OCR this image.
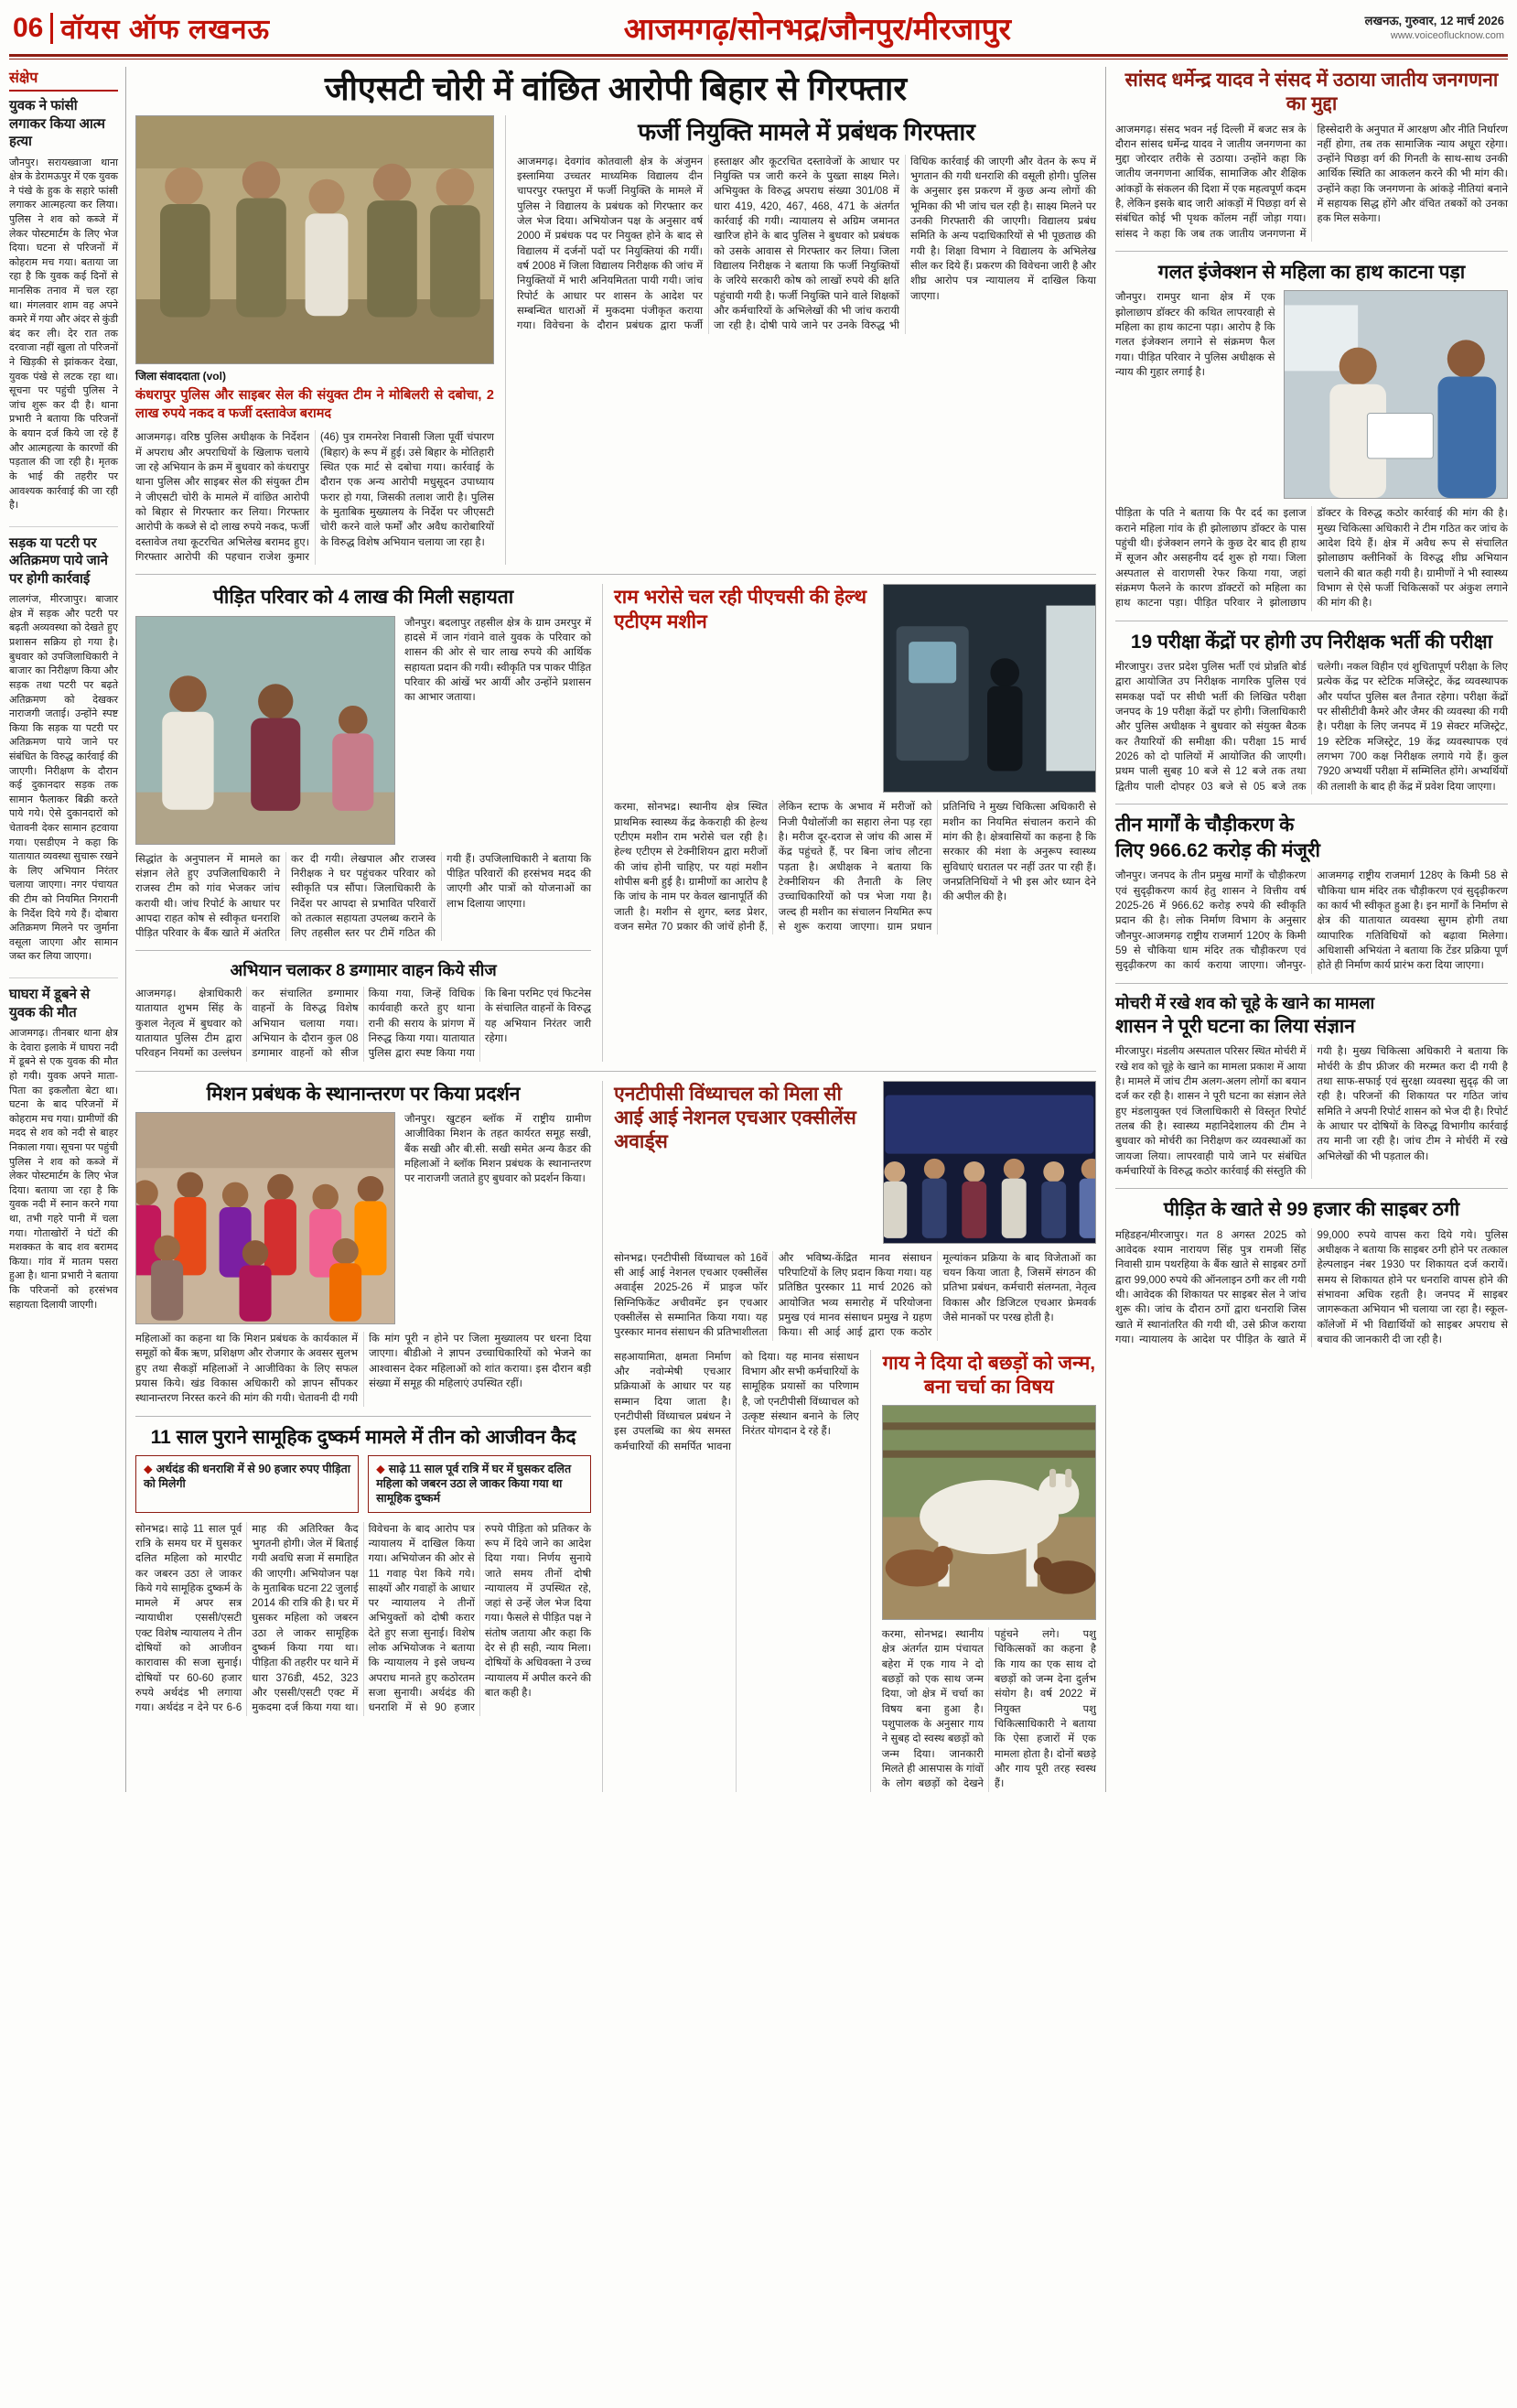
06 वॉयस ऑफ लखनऊ	आजमगढ़/सोनभद्र/जौनपुर/मीरजापुर	लखनऊ, गुरुवार, 12 मार्च 2026
www.voiceoflucknow.com
संक्षेप
युवक ने फांसी लगाकर किया आत्म हत्या
जौनपुर। सरायख्वाजा थाना क्षेत्र के डेरामऊपुर में एक युवक ने पंखे के हुक के सहारे फांसी लगाकर आत्महत्या कर लिया। पुलिस ने शव को कब्जे में लेकर पोस्टमार्टम के लिए भेज दिया। घटना से परिजनों में कोहराम मच गया। बताया जा रहा है कि युवक कई दिनों से मानसिक तनाव में चल रहा था। मंगलवार शाम वह अपने कमरे में गया और अंदर से कुंडी बंद कर ली। देर रात तक दरवाजा नहीं खुला तो परिजनों ने खिड़की से झांककर देखा, युवक पंखे से लटक रहा था। सूचना पर पहुंची पुलिस ने जांच शुरू कर दी है। थाना प्रभारी ने बताया कि परिजनों के बयान दर्ज किये जा रहे हैं और आत्महत्या के कारणों की पड़ताल की जा रही है। मृतक के भाई की तहरीर पर आवश्यक कार्रवाई की जा रही है।
सड़क या पटरी पर अतिक्रमण पाये जाने पर होगी कार्रवाई
लालगंज, मीरजापुर। बाजार क्षेत्र में सड़क और पटरी पर बढ़ती अव्यवस्था को देखते हुए प्रशासन सक्रिय हो गया है। बुधवार को उपजिलाधिकारी ने बाजार का निरीक्षण किया और सड़क तथा पटरी पर बढ़ते अतिक्रमण को देखकर नाराजगी जताई। उन्होंने स्पष्ट किया कि सड़क या पटरी पर अतिक्रमण पाये जाने पर संबंधित के विरुद्ध कार्रवाई की जाएगी। निरीक्षण के दौरान कई दुकानदार सड़क तक सामान फैलाकर बिक्री करते पाये गये। ऐसे दुकानदारों को चेतावनी देकर सामान हटवाया गया। एसडीएम ने कहा कि यातायात व्यवस्था सुचारू रखने के लिए अभियान निरंतर चलाया जाएगा। नगर पंचायत की टीम को नियमित निगरानी के निर्देश दिये गये हैं। दोबारा अतिक्रमण मिलने पर जुर्माना वसूला जाएगा और सामान जब्त कर लिया जाएगा।
घाघरा में डूबने से युवक की मौत
आजमगढ़। तीनबार थाना क्षेत्र के देवारा इलाके में घाघरा नदी में डूबने से एक युवक की मौत हो गयी। युवक अपने माता-पिता का इकलौता बेटा था। घटना के बाद परिजनों में कोहराम मच गया। ग्रामीणों की मदद से शव को नदी से बाहर निकाला गया। सूचना पर पहुंची पुलिस ने शव को कब्जे में लेकर पोस्टमार्टम के लिए भेज दिया। बताया जा रहा है कि युवक नदी में स्नान करने गया था, तभी गहरे पानी में चला गया। गोताखोरों ने घंटों की मशक्कत के बाद शव बरामद किया। गांव में मातम पसरा हुआ है। थाना प्रभारी ने बताया कि परिजनों को हरसंभव सहायता दिलायी जाएगी।
जीएसटी चोरी में वांछित आरोपी बिहार से गिरफ्तार
जिला संवाददाता (vol)
कंधरापुर पुलिस और साइबर सेल की संयुक्त टीम ने मोबिलरी से दबोचा, 2 लाख रुपये नकद व फर्जी दस्तावेज बरामद
आजमगढ़। वरिष्ठ पुलिस अधीक्षक के निर्देशन में अपराध और अपराधियों के खिलाफ चलाये जा रहे अभियान के क्रम में बुधवार को कंधरापुर थाना पुलिस और साइबर सेल की संयुक्त टीम ने जीएसटी चोरी के मामले में वांछित आरोपी को बिहार से गिरफ्तार कर लिया। गिरफ्तार आरोपी के कब्जे से दो लाख रुपये नकद, फर्जी दस्तावेज तथा कूटरचित अभिलेख बरामद हुए। गिरफ्तार आरोपी की पहचान राजेश कुमार (46) पुत्र रामनरेश निवासी जिला पूर्वी चंपारण (बिहार) के रूप में हुई। उसे बिहार के मोतिहारी स्थित एक मार्ट से दबोचा गया। कार्रवाई के दौरान एक अन्य आरोपी मधुसूदन उपाध्याय फरार हो गया, जिसकी तलाश जारी है। पुलिस के मुताबिक मुख्यालय के निर्देश पर जीएसटी चोरी करने वाले फर्मों और अवैध कारोबारियों के विरुद्ध विशेष अभियान चलाया जा रहा है।
फर्जी नियुक्ति मामले में प्रबंधक गिरफ्तार
आजमगढ़। देवगांव कोतवाली क्षेत्र के अंजुमन इस्लामिया उच्चतर माध्यमिक विद्यालय दीन चापरपुर रफ्तपुरा में फर्जी नियुक्ति के मामले में पुलिस ने विद्यालय के प्रबंधक को गिरफ्तार कर जेल भेज दिया। अभियोजन पक्ष के अनुसार वर्ष 2000 में प्रबंधक पद पर नियुक्त होने के बाद से विद्यालय में दर्जनों पदों पर नियुक्तियां की गयीं। वर्ष 2008 में जिला विद्यालय निरीक्षक की जांच में नियुक्तियों में भारी अनियमितता पायी गयी। जांच रिपोर्ट के आधार पर शासन के आदेश पर सम्बन्धित धाराओं में मुकदमा पंजीकृत कराया गया। विवेचना के दौरान प्रबंधक द्वारा फर्जी हस्ताक्षर और कूटरचित दस्तावेजों के आधार पर नियुक्ति पत्र जारी करने के पुख्ता साक्ष्य मिले। अभियुक्त के विरुद्ध अपराध संख्या 301/08 में धारा 419, 420, 467, 468, 471 के अंतर्गत कार्रवाई की गयी। न्यायालय से अग्रिम जमानत खारिज होने के बाद पुलिस ने बुधवार को प्रबंधक को उसके आवास से गिरफ्तार कर लिया। जिला विद्यालय निरीक्षक ने बताया कि फर्जी नियुक्तियों के जरिये सरकारी कोष को लाखों रुपये की क्षति पहुंचायी गयी है। फर्जी नियुक्ति पाने वाले शिक्षकों और कर्मचारियों के अभिलेखों की भी जांच करायी जा रही है। दोषी पाये जाने पर उनके विरुद्ध भी विधिक कार्रवाई की जाएगी और वेतन के रूप में भुगतान की गयी धनराशि की वसूली होगी। पुलिस के अनुसार इस प्रकरण में कुछ अन्य लोगों की भूमिका की भी जांच चल रही है। साक्ष्य मिलने पर उनकी गिरफ्तारी की जाएगी। विद्यालय प्रबंध समिति के अन्य पदाधिकारियों से भी पूछताछ की गयी है। शिक्षा विभाग ने विद्यालय के अभिलेख सील कर दिये हैं। प्रकरण की विवेचना जारी है और शीघ्र आरोप पत्र न्यायालय में दाखिल किया जाएगा।
पीड़ित परिवार को 4 लाख की मिली सहायता
जौनपुर। बदलापुर तहसील क्षेत्र के ग्राम उमरपुर में हादसे में जान गंवाने वाले युवक के परिवार को शासन की ओर से चार लाख रुपये की आर्थिक सहायता प्रदान की गयी। स्वीकृति पत्र पाकर पीड़ित परिवार की आंखें भर आयीं और उन्होंने प्रशासन का आभार जताया।
सिद्धांत के अनुपालन में मामले का संज्ञान लेते हुए उपजिलाधिकारी ने राजस्व टीम को गांव भेजकर जांच करायी थी। जांच रिपोर्ट के आधार पर आपदा राहत कोष से स्वीकृत धनराशि पीड़ित परिवार के बैंक खाते में अंतरित कर दी गयी। लेखपाल और राजस्व निरीक्षक ने घर पहुंचकर परिवार को स्वीकृति पत्र सौंपा। जिलाधिकारी के निर्देश पर आपदा से प्रभावित परिवारों को तत्काल सहायता उपलब्ध कराने के लिए तहसील स्तर पर टीमें गठित की गयी हैं। उपजिलाधिकारी ने बताया कि पीड़ित परिवारों की हरसंभव मदद की जाएगी और पात्रों को योजनाओं का लाभ दिलाया जाएगा।
अभियान चलाकर 8 डग्गामार वाहन किये सीज
आजमगढ़। क्षेत्राधिकारी यातायात शुभम सिंह के कुशल नेतृत्व में बुधवार को यातायात पुलिस टीम द्वारा परिवहन नियमों का उल्लंघन कर संचालित डग्गामार वाहनों के विरुद्ध विशेष अभियान चलाया गया। अभियान के दौरान कुल 08 डग्गामार वाहनों को सीज किया गया, जिन्हें विधिक कार्यवाही करते हुए थाना रानी की सराय के प्रांगण में निरुद्ध किया गया। यातायात पुलिस द्वारा स्पष्ट किया गया कि बिना परमिट एवं फिटनेस के संचालित वाहनों के विरुद्ध यह अभियान निरंतर जारी रहेगा।
राम भरोसे चल रही पीएचसी की हेल्थ एटीएम मशीन
करमा, सोनभद्र। स्थानीय क्षेत्र स्थित प्राथमिक स्वास्थ्य केंद्र केकराही की हेल्थ एटीएम मशीन राम भरोसे चल रही है। हेल्थ एटीएम से टेक्नीशियन द्वारा मरीजों की जांच होनी चाहिए, पर यहां मशीन शोपीस बनी हुई है। ग्रामीणों का आरोप है कि जांच के नाम पर केवल खानापूर्ति की जाती है। मशीन से शुगर, ब्लड प्रेशर, वजन समेत 70 प्रकार की जांचें होनी हैं, लेकिन स्टाफ के अभाव में मरीजों को निजी पैथोलॉजी का सहारा लेना पड़ रहा है। मरीज दूर-दराज से जांच की आस में केंद्र पहुंचते हैं, पर बिना जांच लौटना पड़ता है। अधीक्षक ने बताया कि टेक्नीशियन की तैनाती के लिए उच्चाधिकारियों को पत्र भेजा गया है। जल्द ही मशीन का संचालन नियमित रूप से शुरू कराया जाएगा। ग्राम प्रधान प्रतिनिधि ने मुख्य चिकित्सा अधिकारी से मशीन का नियमित संचालन कराने की मांग की है। क्षेत्रवासियों का कहना है कि सरकार की मंशा के अनुरूप स्वास्थ्य सुविधाएं धरातल पर नहीं उतर पा रही हैं। जनप्रतिनिधियों ने भी इस ओर ध्यान देने की अपील की है।
मिशन प्रबंधक के स्थानान्तरण पर किया प्रदर्शन
जौनपुर। खुटहन ब्लॉक में राष्ट्रीय ग्रामीण आजीविका मिशन के तहत कार्यरत समूह सखी, बैंक सखी और बी.सी. सखी समेत अन्य कैडर की महिलाओं ने ब्लॉक मिशन प्रबंधक के स्थानान्तरण पर नाराजगी जताते हुए बुधवार को प्रदर्शन किया।
महिलाओं का कहना था कि मिशन प्रबंधक के कार्यकाल में समूहों को बैंक ऋण, प्रशिक्षण और रोजगार के अवसर सुलभ हुए तथा सैकड़ों महिलाओं ने आजीविका के लिए सफल प्रयास किये। खंड विकास अधिकारी को ज्ञापन सौंपकर स्थानान्तरण निरस्त करने की मांग की गयी। चेतावनी दी गयी कि मांग पूरी न होने पर जिला मुख्यालय पर धरना दिया जाएगा। बीडीओ ने ज्ञापन उच्चाधिकारियों को भेजने का आश्वासन देकर महिलाओं को शांत कराया। इस दौरान बड़ी संख्या में समूह की महिलाएं उपस्थित रहीं।
11 साल पुराने सामूहिक दुष्कर्म मामले में तीन को आजीवन कैद
◆ अर्थदंड की धनराशि में से 90 हजार रुपए पीड़िता को मिलेगी
◆ साढ़े 11 साल पूर्व रात्रि में घर में घुसकर दलित महिला को जबरन उठा ले जाकर किया गया था सामूहिक दुष्कर्म
सोनभद्र। साढ़े 11 साल पूर्व रात्रि के समय घर में घुसकर दलित महिला को मारपीट कर जबरन उठा ले जाकर किये गये सामूहिक दुष्कर्म के मामले में अपर सत्र न्यायाधीश एससी/एसटी एक्ट विशेष न्यायालय ने तीन दोषियों को आजीवन कारावास की सजा सुनाई। दोषियों पर 60-60 हजार रुपये अर्थदंड भी लगाया गया। अर्थदंड न देने पर 6-6 माह की अतिरिक्त कैद भुगतनी होगी। जेल में बिताई गयी अवधि सजा में समाहित की जाएगी। अभियोजन पक्ष के मुताबिक घटना 22 जुलाई 2014 की रात्रि की है। घर में घुसकर महिला को जबरन उठा ले जाकर सामूहिक दुष्कर्म किया गया था। पीड़िता की तहरीर पर थाने में धारा 376डी, 452, 323 और एससी/एसटी एक्ट में मुकदमा दर्ज किया गया था। विवेचना के बाद आरोप पत्र न्यायालय में दाखिल किया गया। अभियोजन की ओर से 11 गवाह पेश किये गये। साक्ष्यों और गवाहों के आधार पर न्यायालय ने तीनों अभियुक्तों को दोषी करार देते हुए सजा सुनाई। विशेष लोक अभियोजक ने बताया कि न्यायालय ने इसे जघन्य अपराध मानते हुए कठोरतम सजा सुनायी। अर्थदंड की धनराशि में से 90 हजार रुपये पीड़िता को प्रतिकर के रूप में दिये जाने का आदेश दिया गया। निर्णय सुनाये जाते समय तीनों दोषी न्यायालय में उपस्थित रहे, जहां से उन्हें जेल भेज दिया गया। फैसले से पीड़ित पक्ष ने संतोष जताया और कहा कि देर से ही सही, न्याय मिला। दोषियों के अधिवक्ता ने उच्च न्यायालय में अपील करने की बात कही है।
एनटीपीसी विंध्याचल को मिला सी आई आई नेशनल एचआर एक्सीलेंस अवार्ड्स
सोनभद्र। एनटीपीसी विंध्याचल को 16वें सी आई आई नेशनल एचआर एक्सीलेंस अवार्ड्स 2025-26 में प्राइज फॉर सिग्निफिकेंट अचीवमेंट इन एचआर एक्सीलेंस से सम्मानित किया गया। यह पुरस्कार मानव संसाधन की प्रतिभाशीलता और भविष्य-केंद्रित मानव संसाधन परिपाटियों के लिए प्रदान किया गया। यह प्रतिष्ठित पुरस्कार 11 मार्च 2026 को आयोजित भव्य समारोह में परियोजना प्रमुख एवं मानव संसाधन प्रमुख ने ग्रहण किया। सी आई आई द्वारा एक कठोर मूल्यांकन प्रक्रिया के बाद विजेताओं का चयन किया जाता है, जिसमें संगठन की प्रतिभा प्रबंधन, कर्मचारी संलग्नता, नेतृत्व विकास और डिजिटल एचआर फ्रेमवर्क जैसे मानकों पर परख होती है।
सहआयामिता, क्षमता निर्माण और नवोन्मेषी एचआर प्रक्रियाओं के आधार पर यह सम्मान दिया जाता है। एनटीपीसी विंध्याचल प्रबंधन ने इस उपलब्धि का श्रेय समस्त कर्मचारियों की समर्पित भावना को दिया। यह मानव संसाधन विभाग और सभी कर्मचारियों के सामूहिक प्रयासों का परिणाम है, जो एनटीपीसी विंध्याचल को उत्कृष्ट संस्थान बनाने के लिए निरंतर योगदान दे रहे हैं।
गाय ने दिया दो बछड़ों को जन्म, बना चर्चा का विषय
करमा, सोनभद्र। स्थानीय क्षेत्र अंतर्गत ग्राम पंचायत बहेरा में एक गाय ने दो बछड़ों को एक साथ जन्म दिया, जो क्षेत्र में चर्चा का विषय बना हुआ है। पशुपालक के अनुसार गाय ने सुबह दो स्वस्थ बछड़ों को जन्म दिया। जानकारी मिलते ही आसपास के गांवों के लोग बछड़ों को देखने पहुंचने लगे। पशु चिकित्सकों का कहना है कि गाय का एक साथ दो बछड़ों को जन्म देना दुर्लभ संयोग है। वर्ष 2022 में नियुक्त पशु चिकित्साधिकारी ने बताया कि ऐसा हजारों में एक मामला होता है। दोनों बछड़े और गाय पूरी तरह स्वस्थ हैं।
सांसद धर्मेन्द्र यादव ने संसद में उठाया जातीय जनगणना का मुद्दा
आजमगढ़। संसद भवन नई दिल्ली में बजट सत्र के दौरान सांसद धर्मेन्द्र यादव ने जातीय जनगणना का मुद्दा जोरदार तरीके से उठाया। उन्होंने कहा कि जातीय जनगणना आर्थिक, सामाजिक और शैक्षिक आंकड़ों के संकलन की दिशा में एक महत्वपूर्ण कदम है, लेकिन इसके बाद जारी आंकड़ों में पिछड़ा वर्ग से संबंधित कोई भी पृथक कॉलम नहीं जोड़ा गया। सांसद ने कहा कि जब तक जातीय जनगणना में हिस्सेदारी के अनुपात में आरक्षण और नीति निर्धारण नहीं होगा, तब तक सामाजिक न्याय अधूरा रहेगा। उन्होंने पिछड़ा वर्ग की गिनती के साथ-साथ उनकी आर्थिक स्थिति का आकलन करने की भी मांग की। उन्होंने कहा कि जनगणना के आंकड़े नीतियां बनाने में सहायक सिद्ध होंगे और वंचित तबकों को उनका हक मिल सकेगा।
गलत इंजेक्शन से महिला का हाथ काटना पड़ा
जौनपुर। रामपुर थाना क्षेत्र में एक झोलाछाप डॉक्टर की कथित लापरवाही से महिला का हाथ काटना पड़ा। आरोप है कि गलत इंजेक्शन लगाने से संक्रमण फैल गया। पीड़ित परिवार ने पुलिस अधीक्षक से न्याय की गुहार लगाई है।
पीड़िता के पति ने बताया कि पैर दर्द का इलाज कराने महिला गांव के ही झोलाछाप डॉक्टर के पास पहुंची थी। इंजेक्शन लगने के कुछ देर बाद ही हाथ में सूजन और असहनीय दर्द शुरू हो गया। जिला अस्पताल से वाराणसी रेफर किया गया, जहां संक्रमण फैलने के कारण डॉक्टरों को महिला का हाथ काटना पड़ा। पीड़ित परिवार ने झोलाछाप डॉक्टर के विरुद्ध कठोर कार्रवाई की मांग की है। मुख्य चिकित्सा अधिकारी ने टीम गठित कर जांच के आदेश दिये हैं। क्षेत्र में अवैध रूप से संचालित झोलाछाप क्लीनिकों के विरुद्ध शीघ्र अभियान चलाने की बात कही गयी है। ग्रामीणों ने भी स्वास्थ्य विभाग से ऐसे फर्जी चिकित्सकों पर अंकुश लगाने की मांग की है।
19 परीक्षा केंद्रों पर होगी उप निरीक्षक भर्ती की परीक्षा
मीरजापुर। उत्तर प्रदेश पुलिस भर्ती एवं प्रोन्नति बोर्ड द्वारा आयोजित उप निरीक्षक नागरिक पुलिस एवं समकक्ष पदों पर सीधी भर्ती की लिखित परीक्षा जनपद के 19 परीक्षा केंद्रों पर होगी। जिलाधिकारी और पुलिस अधीक्षक ने बुधवार को संयुक्त बैठक कर तैयारियों की समीक्षा की। परीक्षा 15 मार्च 2026 को दो पालियों में आयोजित की जाएगी। प्रथम पाली सुबह 10 बजे से 12 बजे तक तथा द्वितीय पाली दोपहर 03 बजे से 05 बजे तक चलेगी। नकल विहीन एवं शुचितापूर्ण परीक्षा के लिए प्रत्येक केंद्र पर स्टेटिक मजिस्ट्रेट, केंद्र व्यवस्थापक और पर्याप्त पुलिस बल तैनात रहेगा। परीक्षा केंद्रों पर सीसीटीवी कैमरे और जैमर की व्यवस्था की गयी है। परीक्षा के लिए जनपद में 19 सेक्टर मजिस्ट्रेट, 19 स्टेटिक मजिस्ट्रेट, 19 केंद्र व्यवस्थापक एवं लगभग 700 कक्ष निरीक्षक लगाये गये हैं। कुल 7920 अभ्यर्थी परीक्षा में सम्मिलित होंगे। अभ्यर्थियों की तलाशी के बाद ही केंद्र में प्रवेश दिया जाएगा।
तीन मार्गों के चौड़ीकरण के
लिए 966.62 करोड़ की मंजूरी
जौनपुर। जनपद के तीन प्रमुख मार्गों के चौड़ीकरण एवं सुदृढ़ीकरण कार्य हेतु शासन ने वित्तीय वर्ष 2025-26 में 966.62 करोड़ रुपये की स्वीकृति प्रदान की है। लोक निर्माण विभाग के अनुसार जौनपुर-आजमगढ़ राष्ट्रीय राजमार्ग 120ए के किमी 59 से चौकिया धाम मंदिर तक चौड़ीकरण एवं सुदृढ़ीकरण का कार्य कराया जाएगा। जौनपुर-आजमगढ़ राष्ट्रीय राजमार्ग 128ए के किमी 58 से चौकिया धाम मंदिर तक चौड़ीकरण एवं सुदृढ़ीकरण का कार्य भी स्वीकृत हुआ है। इन मार्गों के निर्माण से क्षेत्र की यातायात व्यवस्था सुगम होगी तथा व्यापारिक गतिविधियों को बढ़ावा मिलेगा। अधिशासी अभियंता ने बताया कि टेंडर प्रक्रिया पूर्ण होते ही निर्माण कार्य प्रारंभ करा दिया जाएगा।
मोचरी में रखे शव को चूहे के खाने का मामला
शासन ने पूरी घटना का लिया संज्ञान
मीरजापुर। मंडलीय अस्पताल परिसर स्थित मोर्चरी में रखे शव को चूहे के खाने का मामला प्रकाश में आया है। मामले में जांच टीम अलग-अलग लोगों का बयान दर्ज कर रही है। शासन ने पूरी घटना का संज्ञान लेते हुए मंडलायुक्त एवं जिलाधिकारी से विस्तृत रिपोर्ट तलब की है। स्वास्थ्य महानिदेशालय की टीम ने बुधवार को मोर्चरी का निरीक्षण कर व्यवस्थाओं का जायजा लिया। लापरवाही पाये जाने पर संबंधित कर्मचारियों के विरुद्ध कठोर कार्रवाई की संस्तुति की गयी है। मुख्य चिकित्सा अधिकारी ने बताया कि मोर्चरी के डीप फ्रीजर की मरम्मत करा दी गयी है तथा साफ-सफाई एवं सुरक्षा व्यवस्था सुदृढ़ की जा रही है। परिजनों की शिकायत पर गठित जांच समिति ने अपनी रिपोर्ट शासन को भेज दी है। रिपोर्ट के आधार पर दोषियों के विरुद्ध विभागीय कार्रवाई तय मानी जा रही है। जांच टीम ने मोर्चरी में रखे अभिलेखों की भी पड़ताल की।
पीड़ित के खाते से 99 हजार की साइबर ठगी
महिडहन/मीरजापुर। गत 8 अगस्त 2025 को आवेदक श्याम नारायण सिंह पुत्र रामजी सिंह निवासी ग्राम पथरहिया के बैंक खाते से साइबर ठगों द्वारा 99,000 रुपये की ऑनलाइन ठगी कर ली गयी थी। आवेदक की शिकायत पर साइबर सेल ने जांच शुरू की। जांच के दौरान ठगों द्वारा धनराशि जिस खाते में स्थानांतरित की गयी थी, उसे फ्रीज कराया गया। न्यायालय के आदेश पर पीड़ित के खाते में 99,000 रुपये वापस करा दिये गये। पुलिस अधीक्षक ने बताया कि साइबर ठगी होने पर तत्काल हेल्पलाइन नंबर 1930 पर शिकायत दर्ज करायें। समय से शिकायत होने पर धनराशि वापस होने की संभावना अधिक रहती है। जनपद में साइबर जागरूकता अभियान भी चलाया जा रहा है। स्कूल-कॉलेजों में भी विद्यार्थियों को साइबर अपराध से बचाव की जानकारी दी जा रही है।
